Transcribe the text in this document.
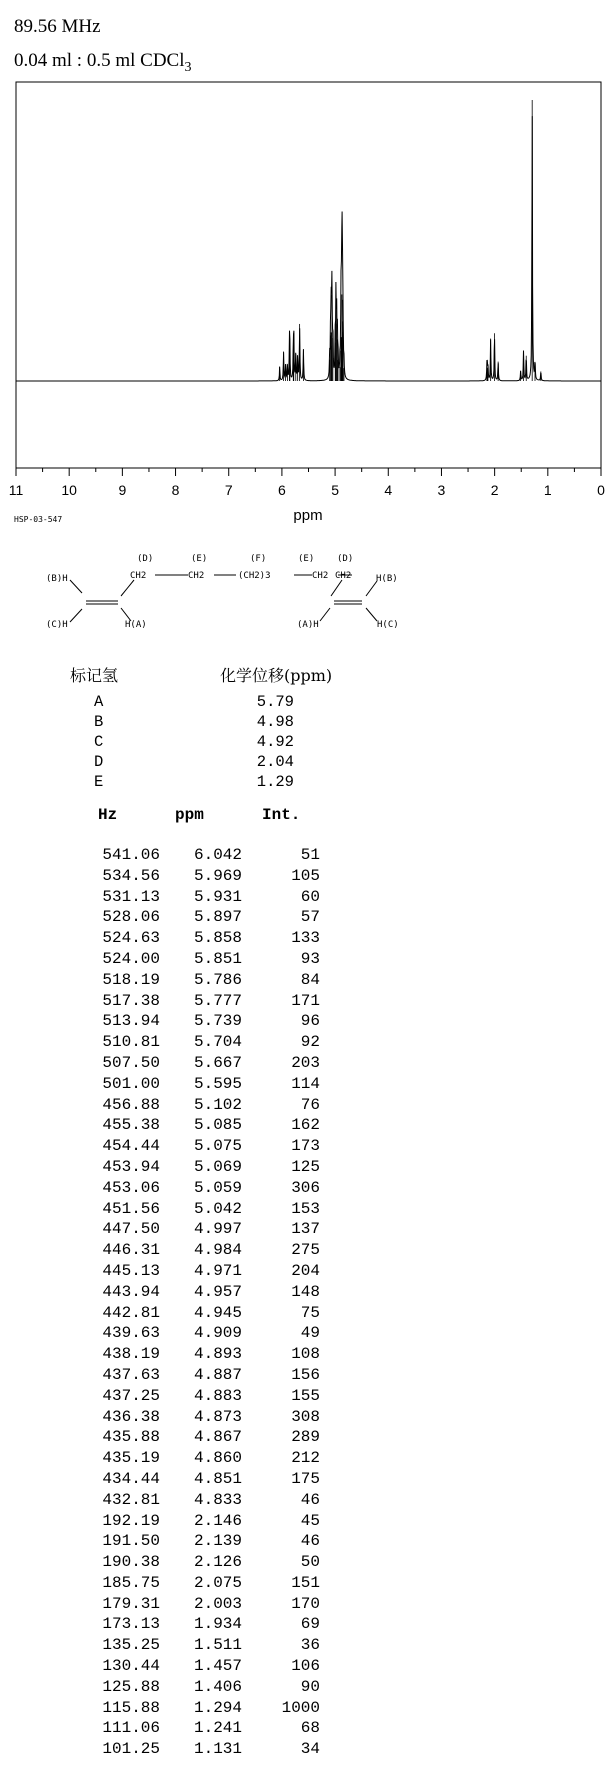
89.56 MHz
0.04 ml : 0.5 ml CDCl$_3$
11	10	9	8	7	6	5	4	3	2	1	0
ppm
HSP-03-547
(B)H
(C)H	H(A)
(D)
CH2
(E)
CH2
(F)
(CH2)3
(E)
CH2
(D)
CH2	H(B)
(A)H	H(C)
标记氢	化学位移(ppm)
A	5.79
B	4.98
C	4.92
D	2.04
E	1.29
Hz	ppm	Int.
541.06 6.042	51
534.56 5.969	105
531.13 5.931	60
528.06 5.897	57
524.63 5.858	133
524.00 5.851	93
518.19 5.786	84
517.38 5.777	171
513.94 5.739	96
510.81 5.704	92
507.50 5.667	203
501.00 5.595	114
456.88 5.102	76
455.38 5.085	162
454.44 5.075	173
453.94 5.069	125
453.06 5.059	306
451.56 5.042	153
447.50 4.997	137
446.31 4.984	275
445.13 4.971	204
443.94 4.957	148
442.81 4.945	75
439.63 4.909	49
438.19 4.893	108
437.63 4.887	156
437.25 4.883	155
436.38 4.873	308
435.88 4.867	289
435.19 4.860	212
434.44 4.851	175
432.81 4.833	46
192.19 2.146	45
191.50 2.139	46
190.38 2.126	50
185.75 2.075	151
179.31 2.003	170
173.13 1.934	69
135.25 1.511	36
130.44 1.457	106
125.88 1.406	90
115.88 1.294 1000
111.06 1.241	68
101.25 1.131	34
